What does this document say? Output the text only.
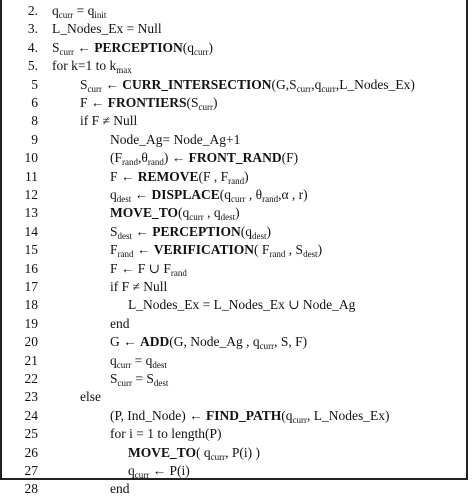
2. $q_{curr} = q_{init}$
3. L_Nodes_Ex = Null
4. $S_{curr}$ ← $PERCEPTION(q_{curr})$
5. for k=1 to $k_{max}$
5	$S_{curr}$ ← $CURR\_INTERSECTION(G,S_{curr},q_{curr},L\_Nodes\_Ex)$
6	F ← $FRONTIERS(S_{curr})$
8	if F ≠ Null
9	Node_Ag= Node_Ag+1
10	$(F_{rand},\theta_{rand})$ ← FRONT_RAND(F)
11	F ← REMOVE(F , $F_{rand}$)
12	$q_{dest}$ ← $DISPLACE(q_{curr}$ , $\theta_{rand},\alpha$ , r)
13	$MOVE\_TO(q_{curr}$ , $q_{dest}$)
14	$S_{dest}$ ← $PERCEPTION(q_{dest})$
15	$F_{rand}$ ← VERIFICATION( $F_{rand}$ , $S_{dest}$)
16	F ← F ∪ $F_{rand}$
17	if F ≠ Null
18	L_Nodes_Ex = L_Nodes_Ex ∪ Node_Ag
19	end
20	G ← ADD(G, Node_Ag , $q_{curr}$, S, F)
21	$q_{curr} = q_{dest}$
22	$S_{curr} = S_{dest}$
23	else
24	(P, Ind_Node) ← $FIND\_PATH(q_{curr}$, L_Nodes_Ex)
25	for i = 1 to length(P)
26	MOVE_TO( $q_{curr}$, P(i) )
27	$q_{curr}$ ← P(i)
28	end
